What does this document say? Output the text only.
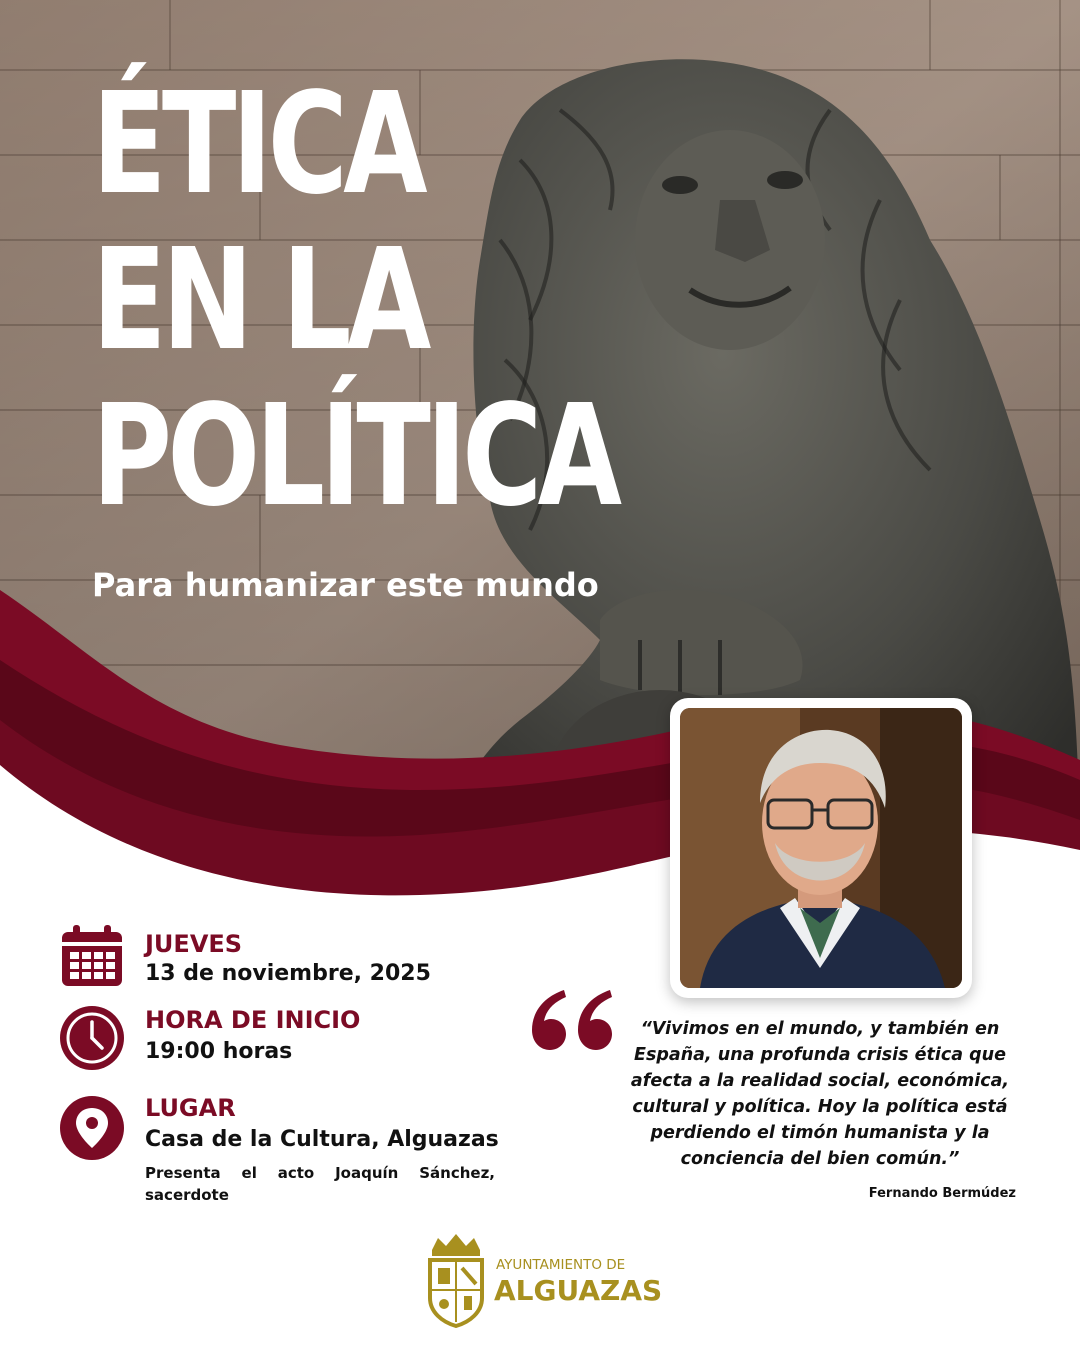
ÉTICA
EN LA
POLÍTICA
Para humanizar este mundo
JUEVES
13 de noviembre, 2025
HORA DE INICIO
19:00 horas
LUGAR
Casa de la Cultura, Alguazas
Presenta el acto Joaquín Sánchez, sacerdote
“Vivimos en el mundo, y también en España, una profunda crisis ética que afecta a la realidad social, económica, cultural y política. Hoy la política está perdiendo el timón humanista y la conciencia del bien común.”
Fernando Bermúdez
AYUNTAMIENTO DE
ALGUAZAS
